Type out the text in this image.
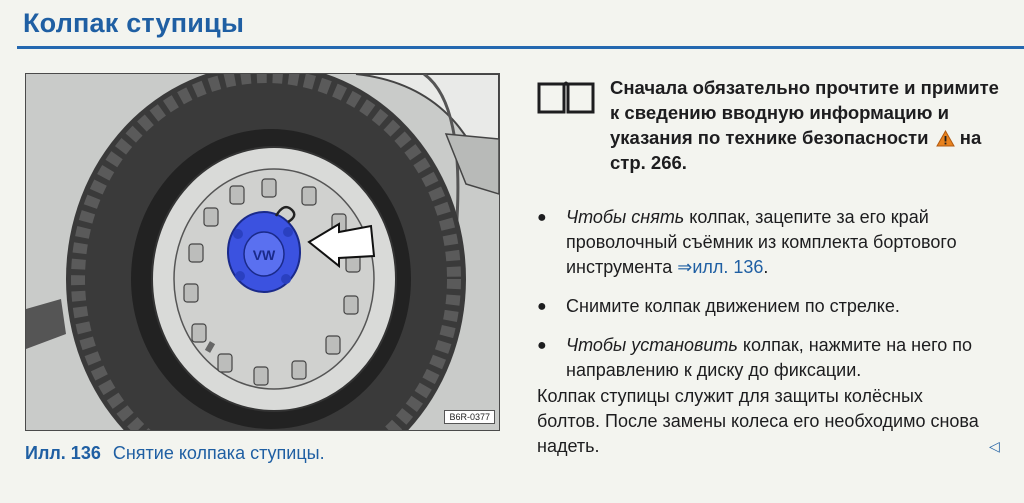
Колпак ступицы
VW
B6R-0377
Илл. 136 Снятие колпака ступицы.
Сначала обязательно прочтите и примите к сведению вводную информацию и указания по технике безопасности на стр. 266.
● Чтобы снять колпак, зацепите за его край проволочный съёмник из комплекта бортового инструмента ⇒илл. 136.
● Снимите колпак движением по стрелке.
● Чтобы установить колпак, нажмите на него по направлению к диску до фиксации.
Колпак ступицы служит для защиты колёсных болтов. После замены колеса его необходимо снова надеть.	◁
